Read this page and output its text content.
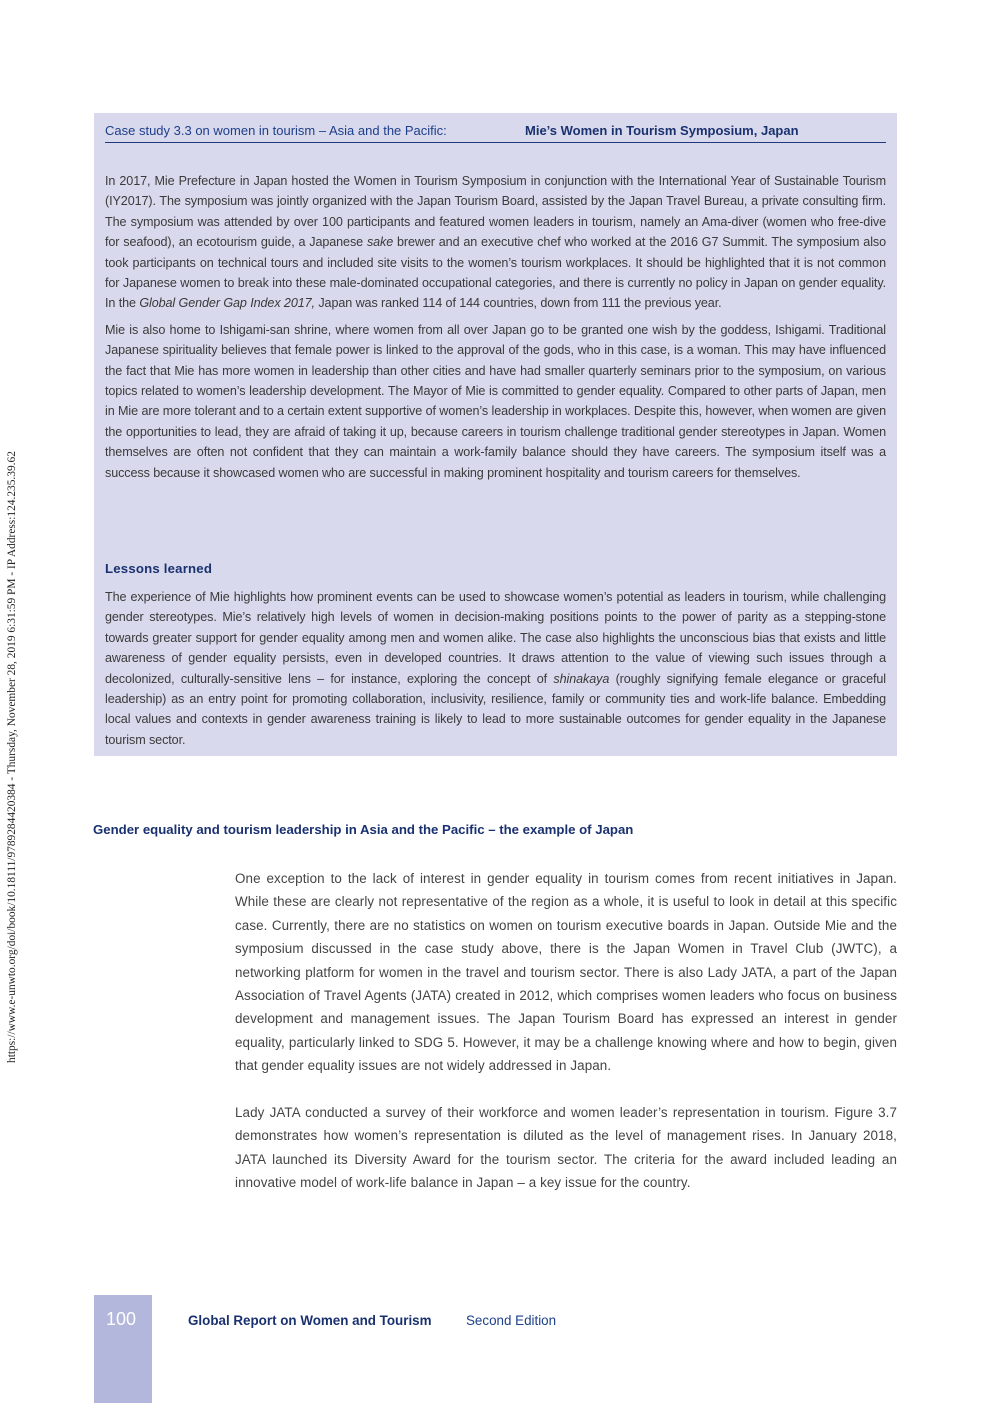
https://www.e-unwto.org/doi/book/10.18111/9789284420384 - Thursday, November 28, 2019 6:31:59 PM - IP Address:124.235.39.62
Case study 3.3 on women in tourism – Asia and the Pacific:	Mie’s Women in Tourism Symposium, Japan

In 2017, Mie Prefecture in Japan hosted the Women in Tourism Symposium in conjunction with the International Year of Sustainable Tourism (IY2017). The symposium was jointly organized with the Japan Tourism Board, assisted by the Japan Travel Bureau, a private consulting firm. The symposium was attended by over 100 participants and featured women leaders in tourism, namely an Ama-diver (women who free-dive for seafood), an ecotourism guide, a Japanese sake brewer and an executive chef who worked at the 2016 G7 Summit. The symposium also took participants on technical tours and included site visits to the women’s tourism workplaces. It should be highlighted that it is not common for Japanese women to break into these male-dominated occupational categories, and there is currently no policy in Japan on gender equality. In the Global Gender Gap Index 2017, Japan was ranked 114 of 144 countries, down from 111 the previous year.

Mie is also home to Ishigami-san shrine, where women from all over Japan go to be granted one wish by the goddess, Ishigami. Traditional Japanese spirituality believes that female power is linked to the approval of the gods, who in this case, is a woman. This may have influenced the fact that Mie has more women in leadership than other cities and have had smaller quarterly seminars prior to the symposium, on various topics related to women’s leadership development. The Mayor of Mie is committed to gender equality. Compared to other parts of Japan, men in Mie are more tolerant and to a certain extent supportive of women’s leadership in workplaces. Despite this, however, when women are given the opportunities to lead, they are afraid of taking it up, because careers in tourism challenge traditional gender stereotypes in Japan. Women themselves are often not confident that they can maintain a work-family balance should they have careers. The symposium itself was a success because it showcased women who are successful in making prominent hospitality and tourism careers for themselves.

Lessons learned

The experience of Mie highlights how prominent events can be used to showcase women’s potential as leaders in tourism, while challenging gender stereotypes. Mie’s relatively high levels of women in decision-making positions points to the power of parity as a stepping-stone towards greater support for gender equality among men and women alike. The case also highlights the unconscious bias that exists and little awareness of gender equality persists, even in developed countries. It draws attention to the value of viewing such issues through a decolonized, culturally-sensitive lens – for instance, exploring the concept of shinakaya (roughly signifying female elegance or graceful leadership) as an entry point for promoting collaboration, inclusivity, resilience, family or community ties and work-life balance. Embedding local values and contexts in gender awareness training is likely to lead to more sustainable outcomes for gender equality in the Japanese tourism sector.

Gender equality and tourism leadership in Asia and the Pacific – the example of Japan

One exception to the lack of interest in gender equality in tourism comes from recent initiatives in Japan. While these are clearly not representative of the region as a whole, it is useful to look in detail at this specific case. Currently, there are no statistics on women on tourism executive boards in Japan. Outside Mie and the symposium discussed in the case study above, there is the Japan Women in Travel Club (JWTC), a networking platform for women in the travel and tourism sector. There is also Lady JATA, a part of the Japan Association of Travel Agents (JATA) created in 2012, which comprises women leaders who focus on business development and management issues. The Japan Tourism Board has expressed an interest in gender equality, particularly linked to SDG 5. However, it may be a challenge knowing where and how to begin, given that gender equality issues are not widely addressed in Japan.

Lady JATA conducted a survey of their workforce and women leader’s representation in tourism. Figure 3.7 demonstrates how women’s representation is diluted as the level of management rises. In January 2018, JATA launched its Diversity Award for the tourism sector. The criteria for the award included leading an innovative model of work-life balance in Japan – a key issue for the country.

100	Global Report on Women and Tourism	Second Edition
